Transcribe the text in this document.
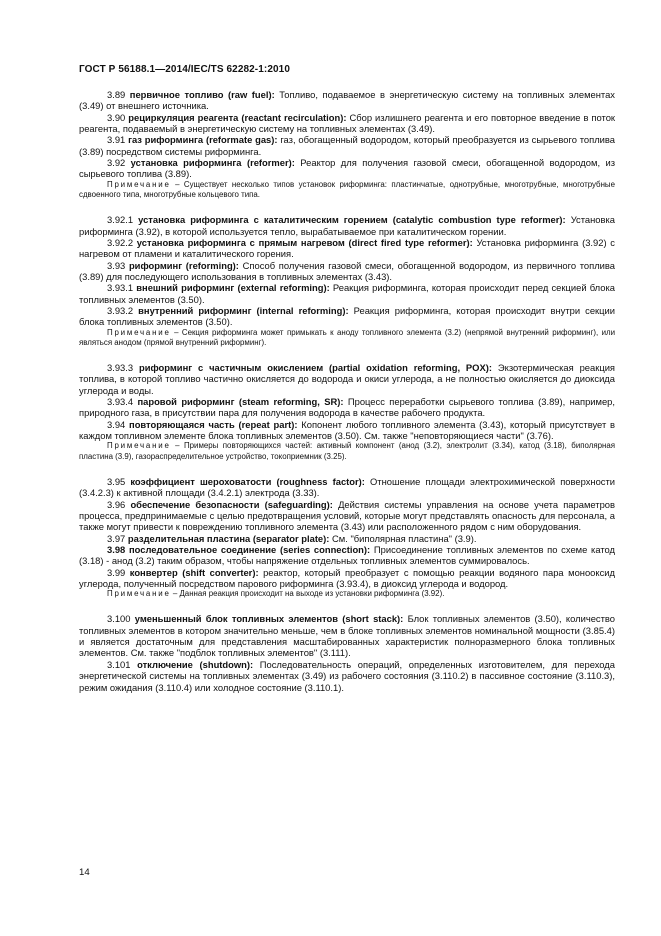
ГОСТ Р 56188.1—2014/IEC/TS 62282-1:2010

3.89 первичное топливо (raw fuel): Топливо, подаваемое в энергетическую систему на топливных элементах (3.49) от внешнего источника.

3.90 рециркуляция реагента (reactant recirculation): Сбор излишнего реагента и его повторное введение в поток реагента, подаваемый в энергетическую систему на топливных элементах (3.49).

3.91 газ риформинга (reformate gas): газ, обогащенный водородом, который преобразуется из сырьевого топлива (3.89) посредством системы риформинга.

3.92 установка риформинга (reformer): Реактор для получения газовой смеси, обогащенной водородом, из сырьевого топлива (3.89).

Примечание – Существует несколько типов установок риформинга: пластинчатые, однотрубные, многотрубные, многотрубные сдвоенного типа, многотрубные кольцевого типа.

3.92.1 установка риформинга с каталитическим горением (catalytic combustion type reformer): Установка риформинга (3.92), в которой используется тепло, вырабатываемое при каталитическом горении.

3.92.2 установка риформинга с прямым нагревом (direct fired type reformer): Установка риформинга (3.92) с нагревом от пламени и каталитического горения.

3.93 риформинг (reforming): Способ получения газовой смеси, обогащенной водородом, из первичного топлива (3.89) для последующего использования в топливных элементах (3.43).

3.93.1 внешний риформинг (external reforming): Реакция риформинга, которая происходит перед секцией блока топливных элементов (3.50).

3.93.2 внутренний риформинг (internal reforming): Реакция риформинга, которая происходит внутри секции блока топливных элементов (3.50).

Примечание – Секция риформинга может примыкать к аноду топливного элемента (3.2) (непрямой внутренний риформинг), или являться анодом (прямой внутренний риформинг).

3.93.3 риформинг с частичным окислением (partial oxidation reforming, POX): Экзотермическая реакция топлива, в которой топливо частично окисляется до водорода и окиси углерода, а не полностью окисляется до диоксида углерода и воды.

3.93.4 паровой риформинг (steam reforming, SR): Процесс переработки сырьевого топлива (3.89), например, природного газа, в присутствии пара для получения водорода в качестве рабочего продукта.

3.94 повторяющаяся часть (repeat part): Копонент любого топливного элемента (3.43), который присутствует в каждом топливном элементе блока топливных элементов (3.50). См. также "неповторяющиеся части" (3.76).

Примечание – Примеры повторяющихся частей: активный компонент (анод (3.2), электролит (3.34), катод (3.18), биполярная пластина (3.9), газораспределительное устройство, токоприемник (3.25).

3.95 коэффициент шероховатости (roughness factor): Отношение площади электрохимической поверхности (3.4.2.3) к активной площади (3.4.2.1) электрода (3.33).

3.96 обеспечение безопасности (safeguarding): Действия системы управления на основе учета параметров процесса, предпринимаемые с целью предотвращения условий, которые могут представлять опасность для персонала, а также могут привести к повреждению топливного элемента (3.43) или расположенного рядом с ним оборудования.

3.97 разделительная пластина (separator plate): См. "биполярная пластина" (3.9).

3.98 последовательное соединение (series connection): Присоединение топливных элементов по схеме катод (3.18) - анод (3.2) таким образом, чтобы напряжение отдельных топливных элементов суммировалось.

3.99 конвертер (shift converter): реактор, который преобразует с помощью реакции водяного пара монооксид углерода, полученный посредством парового риформинга (3.93.4), в диоксид углерода и водород.

Примечание – Данная реакция происходит на выходе из установки риформинга (3.92).

3.100 уменьшенный блок топливных элементов (short stack): Блок топливных элементов (3.50), количество топливных элементов в котором значительно меньше, чем в блоке топливных элементов номинальной мощности (3.85.4) и является достаточным для представления масштабированных характеристик полноразмерного блока топливных элементов. См. также "подблок топливных элементов" (3.111).

3.101 отключение (shutdown): Последовательность операций, определенных изготовителем, для перехода энергетической системы на топливных элементах (3.49) из рабочего состояния (3.110.2) в пассивное состояние (3.110.3), режим ожидания (3.110.4) или холодное состояние (3.110.1).

14
